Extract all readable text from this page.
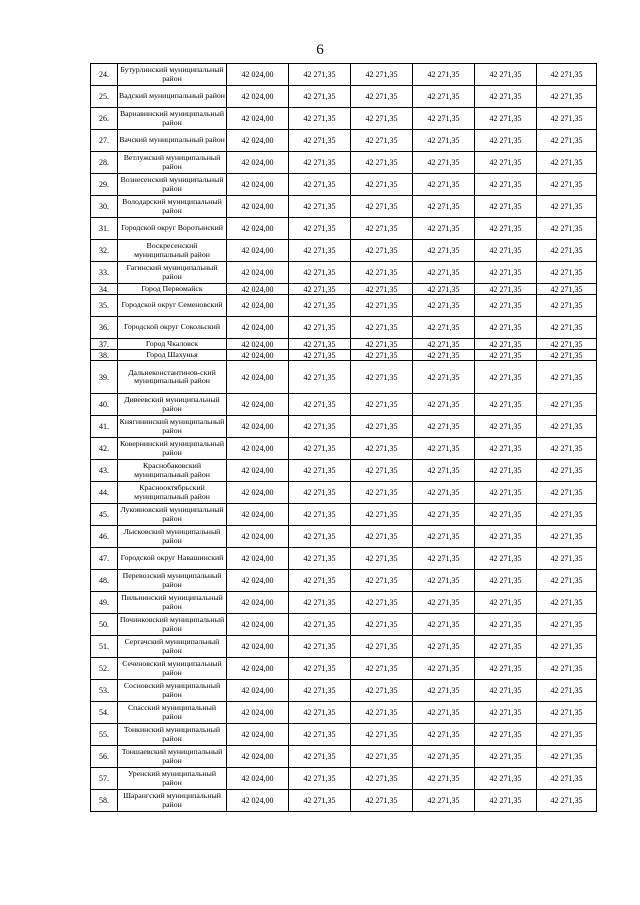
6
24.	Бутурлинский муниципальный район	42 024,00	42 271,35	42 271,35	42 271,35	42 271,35	42 271,35
25.	Вадский муниципальный район	42 024,00	42 271,35	42 271,35	42 271,35	42 271,35	42 271,35
26.	Варнавинский муниципальный район	42 024,00	42 271,35	42 271,35	42 271,35	42 271,35	42 271,35
27.	Вачский муниципальный район	42 024,00	42 271,35	42 271,35	42 271,35	42 271,35	42 271,35
28.	Ветлужский муниципальный район	42 024,00	42 271,35	42 271,35	42 271,35	42 271,35	42 271,35
29.	Вознесенский муниципальный район	42 024,00	42 271,35	42 271,35	42 271,35	42 271,35	42 271,35
30.	Володарский муниципальный район	42 024,00	42 271,35	42 271,35	42 271,35	42 271,35	42 271,35
31.	Городской округ Воротынский	42 024,00	42 271,35	42 271,35	42 271,35	42 271,35	42 271,35
32.	Воскресенский муниципальный район	42 024,00	42 271,35	42 271,35	42 271,35	42 271,35	42 271,35
33.	Гагинский муниципальный район	42 024,00	42 271,35	42 271,35	42 271,35	42 271,35	42 271,35
34.	Город Первомайск	42 024,00	42 271,35	42 271,35	42 271,35	42 271,35	42 271,35
35.	Городской округ Семеновский	42 024,00	42 271,35	42 271,35	42 271,35	42 271,35	42 271,35
36.	Городской округ Сокольский	42 024,00	42 271,35	42 271,35	42 271,35	42 271,35	42 271,35
37.	Город Чкаловск	42 024,00	42 271,35	42 271,35	42 271,35	42 271,35	42 271,35
38.	Город Шахунья	42 024,00	42 271,35	42 271,35	42 271,35	42 271,35	42 271,35
39.	Дальнеконстантинов-ский муниципальный район	42 024,00	42 271,35	42 271,35	42 271,35	42 271,35	42 271,35
40.	Дивеевский муниципальный район	42 024,00	42 271,35	42 271,35	42 271,35	42 271,35	42 271,35
41.	Княгининский муниципальный район	42 024,00	42 271,35	42 271,35	42 271,35	42 271,35	42 271,35
42.	Ковернинский муниципальный район	42 024,00	42 271,35	42 271,35	42 271,35	42 271,35	42 271,35
43.	Краснобаковский муниципальный район	42 024,00	42 271,35	42 271,35	42 271,35	42 271,35	42 271,35
44.	Краснооктябрьский муниципальный район	42 024,00	42 271,35	42 271,35	42 271,35	42 271,35	42 271,35
45.	Лукояновский муниципальный район	42 024,00	42 271,35	42 271,35	42 271,35	42 271,35	42 271,35
46.	Лысковский муниципальный район	42 024,00	42 271,35	42 271,35	42 271,35	42 271,35	42 271,35
47.	Городской округ Навашинский	42 024,00	42 271,35	42 271,35	42 271,35	42 271,35	42 271,35
48.	Перевозский муниципальный район	42 024,00	42 271,35	42 271,35	42 271,35	42 271,35	42 271,35
49.	Пильнинский муниципальный район	42 024,00	42 271,35	42 271,35	42 271,35	42 271,35	42 271,35
50.	Починковский муниципальный район	42 024,00	42 271,35	42 271,35	42 271,35	42 271,35	42 271,35
51.	Сергачский муниципальный район	42 024,00	42 271,35	42 271,35	42 271,35	42 271,35	42 271,35
52.	Сеченовский муниципальный район	42 024,00	42 271,35	42 271,35	42 271,35	42 271,35	42 271,35
53.	Сосновский муниципальный район	42 024,00	42 271,35	42 271,35	42 271,35	42 271,35	42 271,35
54.	Спасский муниципальный район	42 024,00	42 271,35	42 271,35	42 271,35	42 271,35	42 271,35
55.	Тонкинский муниципальный район	42 024,00	42 271,35	42 271,35	42 271,35	42 271,35	42 271,35
56.	Тоншаевский муниципальный район	42 024,00	42 271,35	42 271,35	42 271,35	42 271,35	42 271,35
57.	Уренский муниципальный район	42 024,00	42 271,35	42 271,35	42 271,35	42 271,35	42 271,35
58.	Шарангский муниципальный район	42 024,00	42 271,35	42 271,35	42 271,35	42 271,35	42 271,35
